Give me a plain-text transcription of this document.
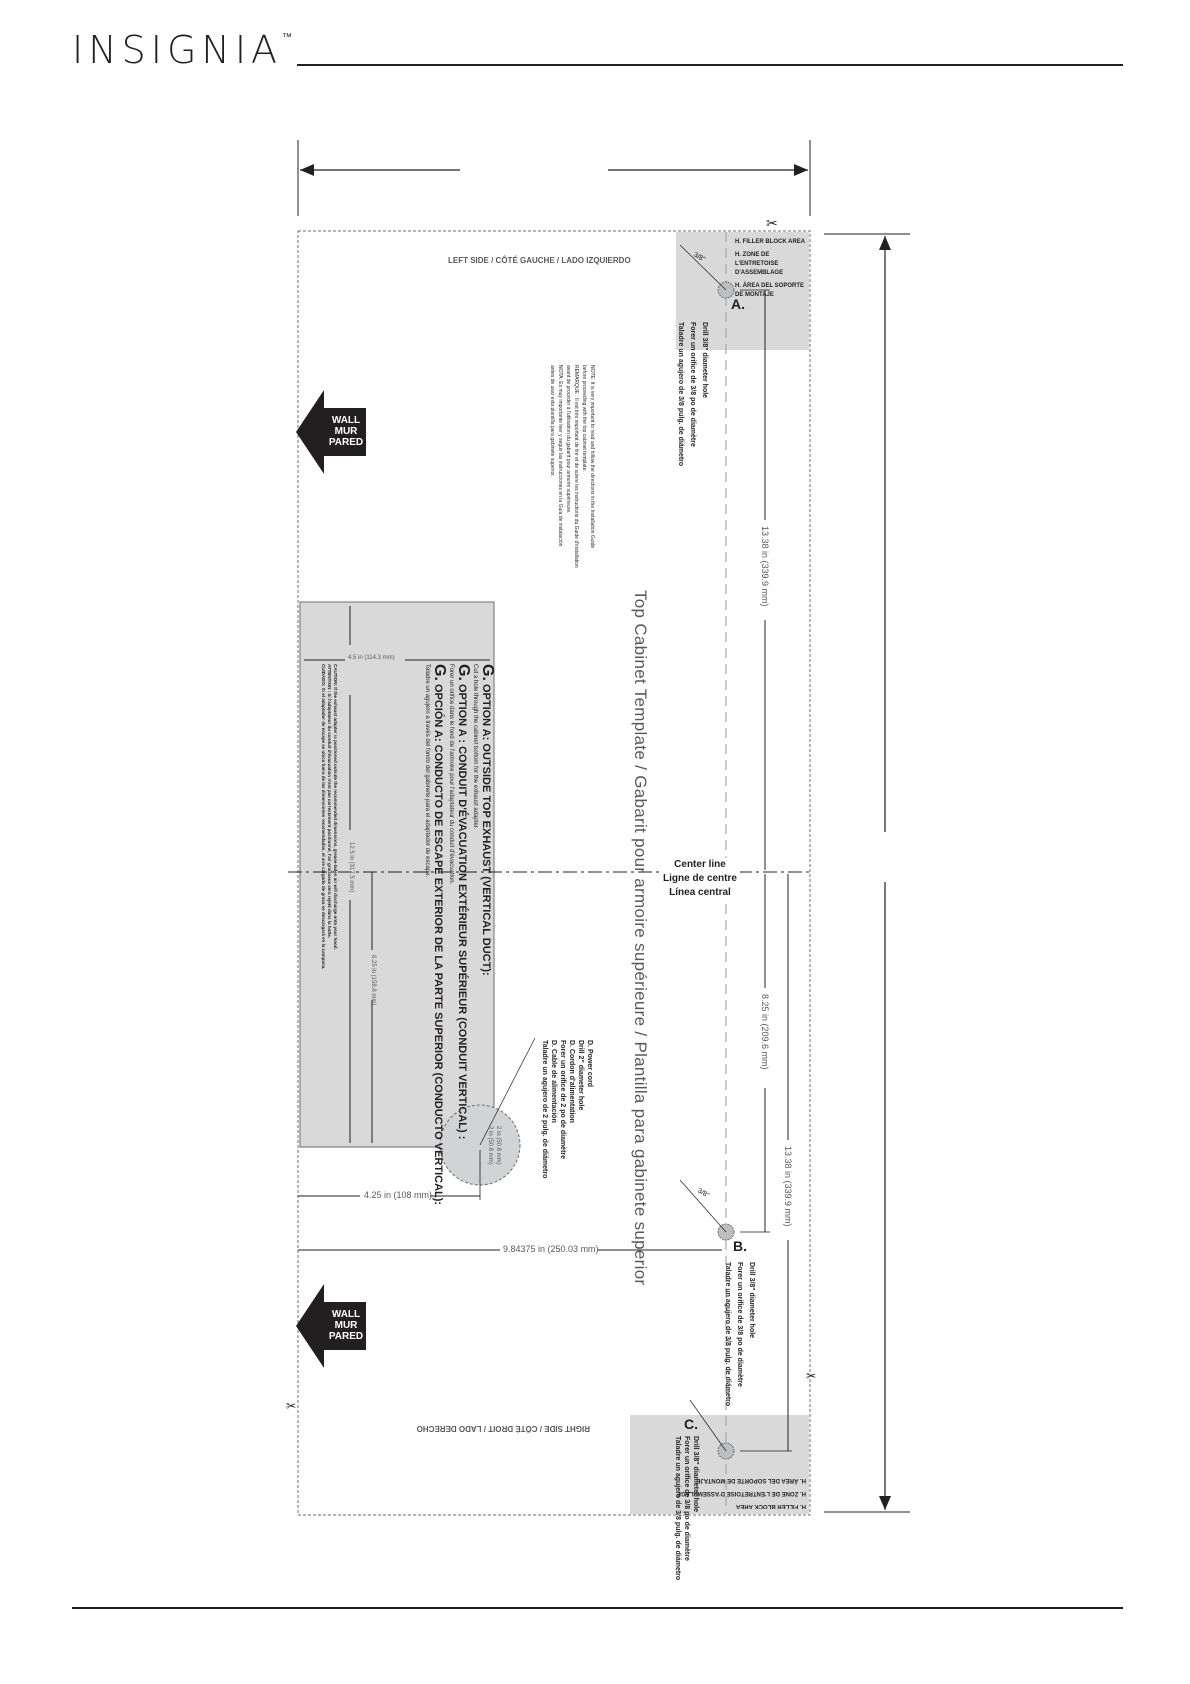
INSIGNIA™
✂
✂
✂
WALL
MUR
PARED
WALL
MUR
PARED
LEFT SIDE / CÔTÉ GAUCHE / LADO IZQUIERDO
RIGHT SIDE / CÔTÉ DROIT / LADO DERECHO
Top Cabinet Template / Gabarit pour armoire supérieure / Plantilla para gabinete superior	Center line
Ligne de centre
Línea central
H. FILLER BLOCK AREA
H. ZONE DE L'ENTRETOISE D'ASSEMBLAGE
H. ÁREA DEL SOPORTE DE MONTAJE
H. FILLER BLOCK AREA
H. ZONE DE L'ENTRETOISE D'ASSEMBLAGE
H. ÁREA DEL SOPORTE DE MONTAJE
A.
Drill 3/8" diameter hole
Forer un orifice de 3/8 po de diamètre
Taladre un agujero de 3/8 pulg. de diámetro
3/8"
B.
Drill 3/8" diameter hole
Forer un orifice de 3/8 po de diamètre
Taladre un agujero de 3/8 pulg. de diámetro
3/8"
C.
Drill 3/8" diameter hole
Forer un orifice de 3/8 po de diamètre
Taladre un agujero de 3/8 pulg. de diámetro
D. Power cord
Drill 2" diameter hole
D. Cordon d'alimentation
Forer un orifice de 2 po de diamètre
D. Cable de alimentación
Taladre un agujero de 2 pulg. de diámetro
2 in (50.8 mm)
2 in (50.8 mm)
NOTE: It is very important to read and follow the directions in the Installation Guide
before proceeding with the top cabinet template.
REMARQUE : Il est très important de lire et de suivre les instructions du Guide d'installation
avant de procéder à l'utilisation du gabarit pour armoire supérieure.
NOTA: Es muy importante leer y seguir las instrucciones en la Guía de instalación
antes de usar esta plantilla para gabinete superior.
G. OPTION A: OUTSIDE TOP EXHAUST (VERTICAL DUCT):
Cut a hole through the cabinet bottom for the exhaust adapter.
G. OPTION A : CONDUIT D'ÉVACUATION EXTÉRIEUR SUPÉRIEUR (CONDUIT VERTICAL) :
Forer un orifice dans le fond de l'armoire pour l'adaptateur du conduit d'évacuation.
G. OPCIÓN A: CONDUCTO DE ESCAPE EXTERIOR DE LA PARTE SUPERIOR (CONDUCTO VERTICAL):
Taladre un agujero a través del fondo del gabinete para el adaptador de escape.
CAUTION: If the exhaust adapter is positioned outside the recommended dimensions, grease-laden air will discharge onto your hood.
ATTENTION : Si l'adaptateur du conduit d'évacuation n'est pas correctement positionné, l'air graisseux sera rejeté dans la hotte.
CUIDADO: Si el adaptador de escape se ubica fuera de las dimensiones recomendadas, el aire cargado de grasa se descargará en la campana.
13.38 in (339.9 mm)
8.25 in (209.6 mm)
13.38 in (339.9 mm)
4.5 in (114.3 mm)
12.5 in (317.5 mm)
6.25 in (158.8 mm)
4.25 in (108 mm)
9.84375 in (250.03 mm)
